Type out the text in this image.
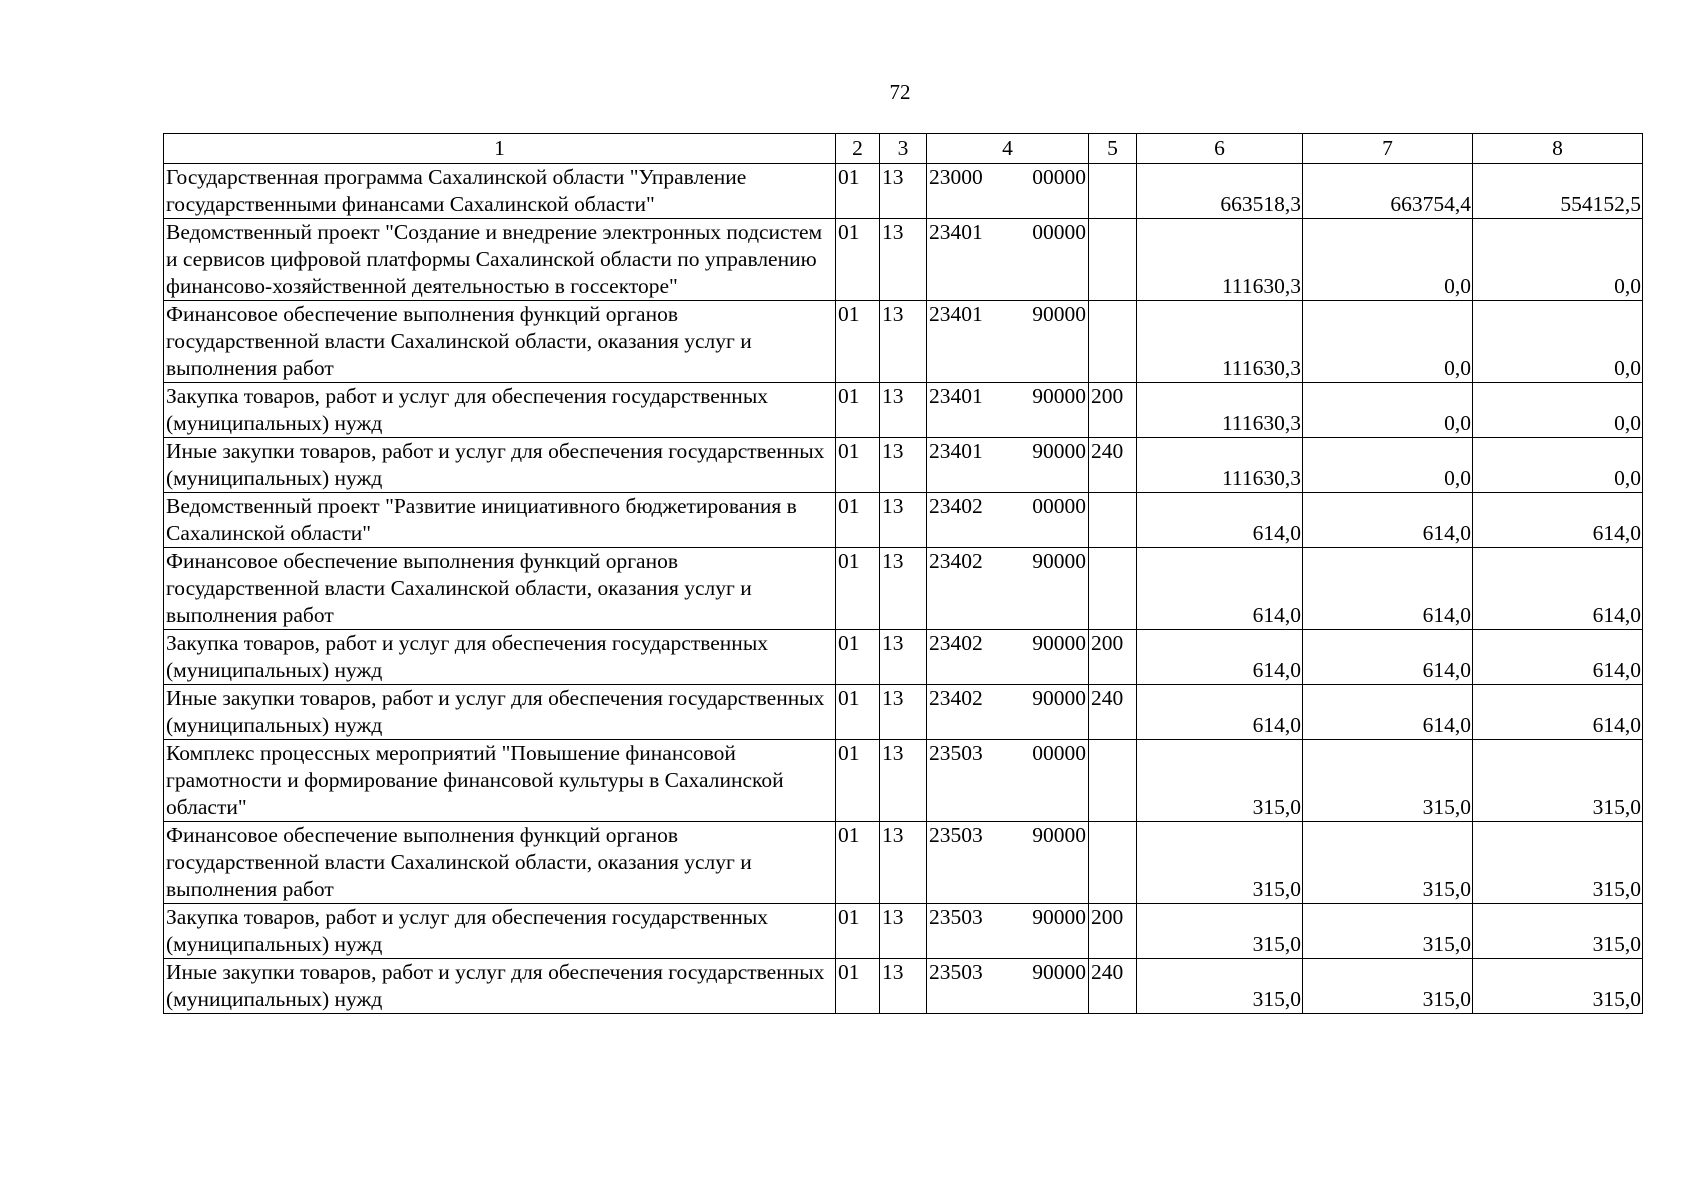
72
1	2	3	4	5	6	7	8
Государственная программа Сахалинской области "Управление государственными финансами Сахалинской области"	01	13	23000 00000		663518,3	663754,4	554152,5
Ведомственный проект "Создание и внедрение электронных подсистем и сервисов цифровой платформы Сахалинской области по управлению финансово-хозяйственной деятельностью в госсекторе"	01	13	23401 00000		111630,3	0,0	0,0
Финансовое обеспечение выполнения функций органов государственной власти Сахалинской области, оказания услуг и выполнения работ	01	13	23401 90000		111630,3	0,0	0,0
Закупка товаров, работ и услуг для обеспечения государственных (муниципальных) нужд	01	13	23401 90000	200	111630,3	0,0	0,0
Иные закупки товаров, работ и услуг для обеспечения государственных (муниципальных) нужд	01	13	23401 90000	240	111630,3	0,0	0,0
Ведомственный проект "Развитие инициативного бюджетирования в Сахалинской области"	01	13	23402 00000		614,0	614,0	614,0
Финансовое обеспечение выполнения функций органов государственной власти Сахалинской области, оказания услуг и выполнения работ	01	13	23402 90000		614,0	614,0	614,0
Закупка товаров, работ и услуг для обеспечения государственных (муниципальных) нужд	01	13	23402 90000	200	614,0	614,0	614,0
Иные закупки товаров, работ и услуг для обеспечения государственных (муниципальных) нужд	01	13	23402 90000	240	614,0	614,0	614,0
Комплекс процессных мероприятий "Повышение финансовой грамотности и формирование финансовой культуры в Сахалинской области"	01	13	23503 00000		315,0	315,0	315,0
Финансовое обеспечение выполнения функций органов государственной власти Сахалинской области, оказания услуг и выполнения работ	01	13	23503 90000		315,0	315,0	315,0
Закупка товаров, работ и услуг для обеспечения государственных (муниципальных) нужд	01	13	23503 90000	200	315,0	315,0	315,0
Иные закупки товаров, работ и услуг для обеспечения государственных (муниципальных) нужд	01	13	23503 90000	240	315,0	315,0	315,0
